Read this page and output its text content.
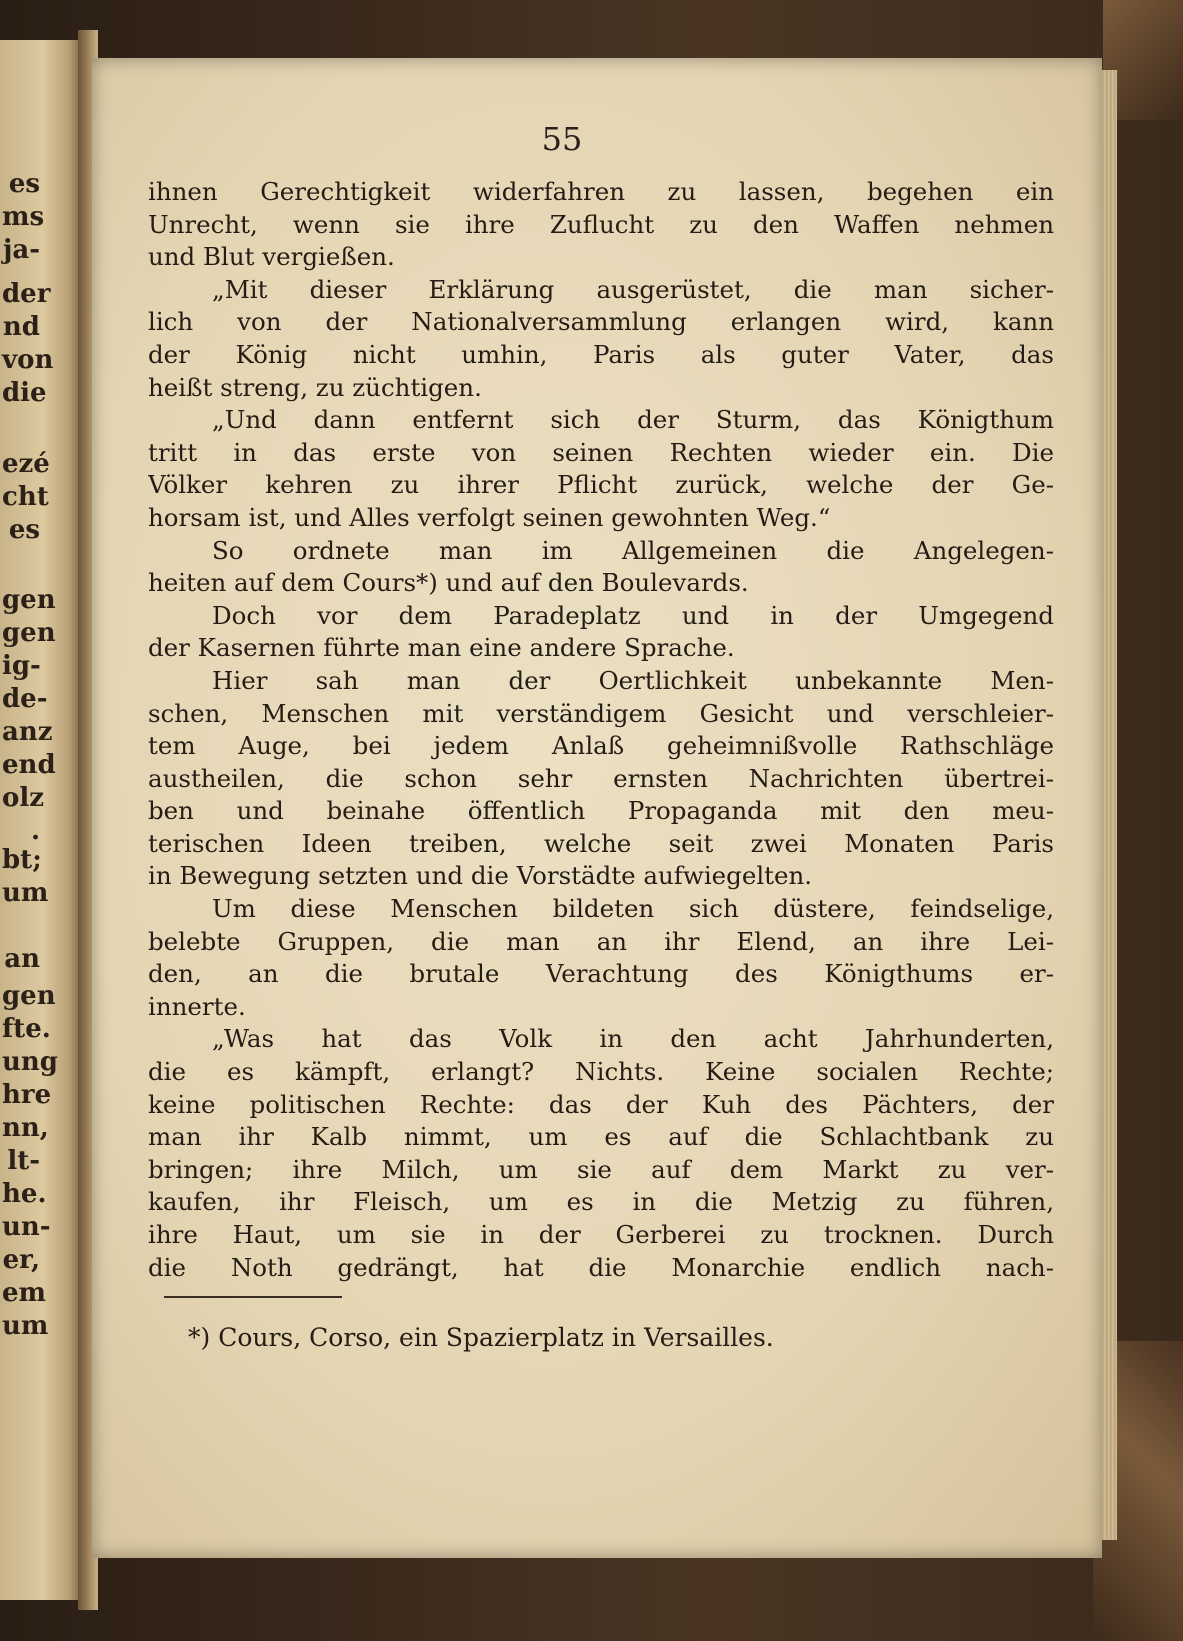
es
ms
ja-
der
nd
von
die
ezé
cht
es
gen
gen
ig-
de-
anz
end
olz
.
bt;
um
an
gen
fte.
ung
hre
nn,
lt-
he.
un-
er,
em
um
55
ihnen Gerechtigkeit widerfahren zu lassen, begehen ein
Unrecht, wenn sie ihre Zuflucht zu den Waffen nehmen
und Blut vergießen.
„Mit dieser Erklärung ausgerüstet, die man sicher-
lich von der Nationalversammlung erlangen wird, kann
der König nicht umhin, Paris als guter Vater, das
heißt streng, zu züchtigen.
„Und dann entfernt sich der Sturm, das Königthum
tritt in das erste von seinen Rechten wieder ein. Die
Völker kehren zu ihrer Pflicht zurück, welche der Ge-
horsam ist, und Alles verfolgt seinen gewohnten Weg.“
So ordnete man im Allgemeinen die Angelegen-
heiten auf dem Cours*) und auf den Boulevards.
Doch vor dem Paradeplatz und in der Umgegend
der Kasernen führte man eine andere Sprache.
Hier sah man der Oertlichkeit unbekannte Men-
schen, Menschen mit verständigem Gesicht und verschleier-
tem Auge, bei jedem Anlaß geheimnißvolle Rathschläge
austheilen, die schon sehr ernsten Nachrichten übertrei-
ben und beinahe öffentlich Propaganda mit den meu-
terischen Ideen treiben, welche seit zwei Monaten Paris
in Bewegung setzten und die Vorstädte aufwiegelten.
Um diese Menschen bildeten sich düstere, feindselige,
belebte Gruppen, die man an ihr Elend, an ihre Lei-
den, an die brutale Verachtung des Königthums er-
innerte.
„Was hat das Volk in den acht Jahrhunderten,
die es kämpft, erlangt? Nichts. Keine socialen Rechte;
keine politischen Rechte: das der Kuh des Pächters, der
man ihr Kalb nimmt, um es auf die Schlachtbank zu
bringen; ihre Milch, um sie auf dem Markt zu ver-
kaufen, ihr Fleisch, um es in die Metzig zu führen,
ihre Haut, um sie in der Gerberei zu trocknen. Durch
die Noth gedrängt, hat die Monarchie endlich nach-
*) Cours, Corso, ein Spazierplatz in Versailles.
